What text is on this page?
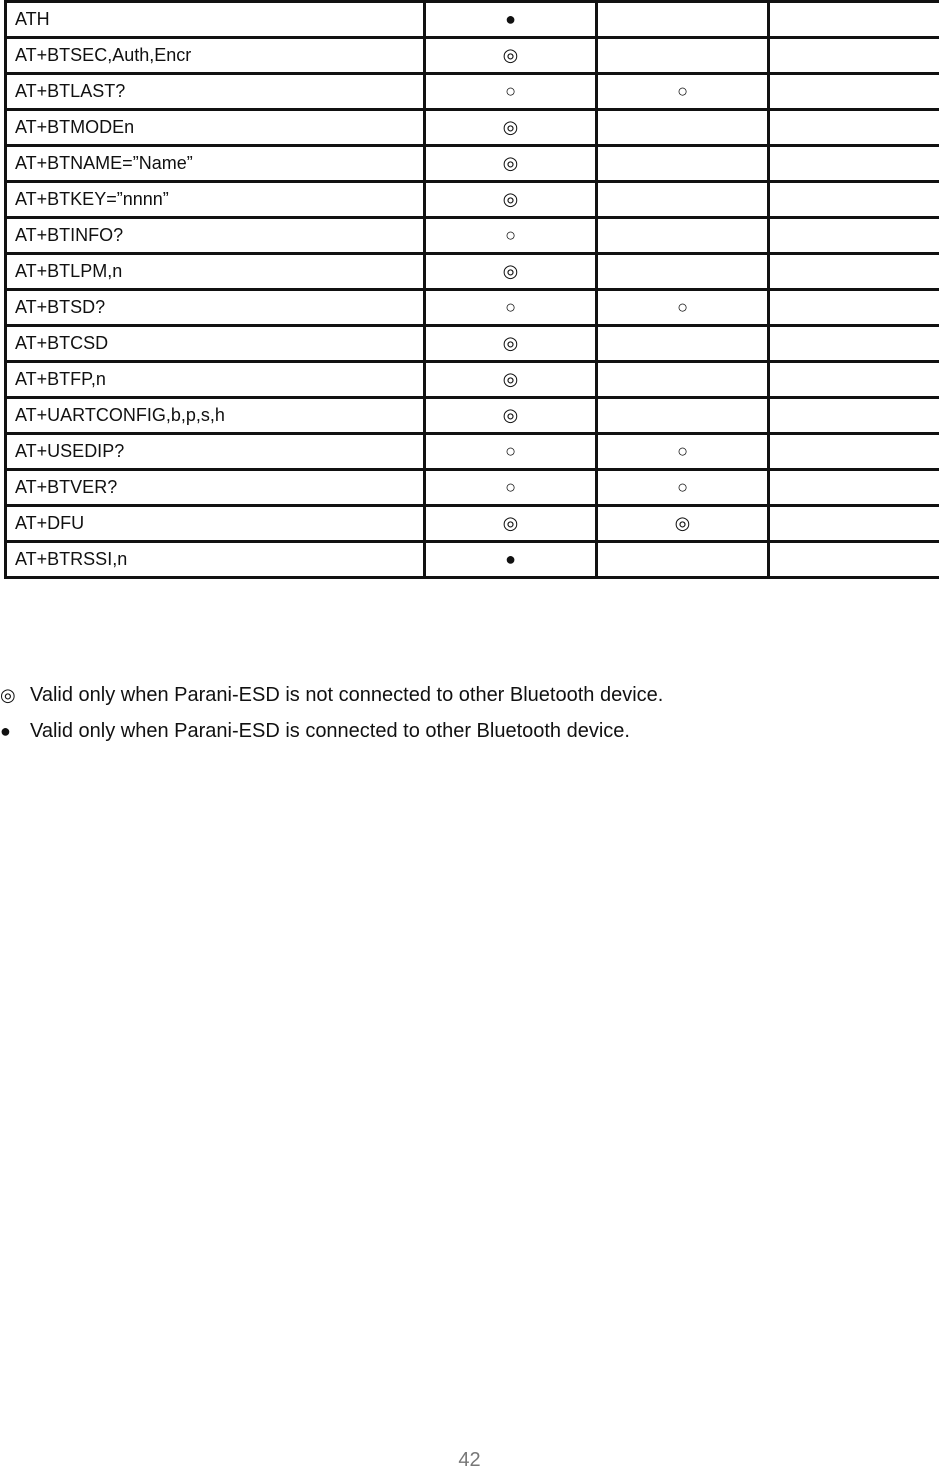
ATH	●		
AT+BTSEC,Auth,Encr	◎		
AT+BTLAST?	○	○	
AT+BTMODEn	◎		
AT+BTNAME=”Name”	◎		
AT+BTKEY=”nnnn”	◎		
AT+BTINFO?	○		
AT+BTLPM,n	◎		
AT+BTSD?	○	○	
AT+BTCSD	◎		
AT+BTFP,n	◎		
AT+UARTCONFIG,b,p,s,h	◎		
AT+USEDIP?	○	○	
AT+BTVER?	○	○	
AT+DFU	◎	◎	
AT+BTRSSI,n	●		
◎ Valid only when Parani-ESD is not connected to other Bluetooth device.
● Valid only when Parani-ESD is connected to other Bluetooth device.
42
